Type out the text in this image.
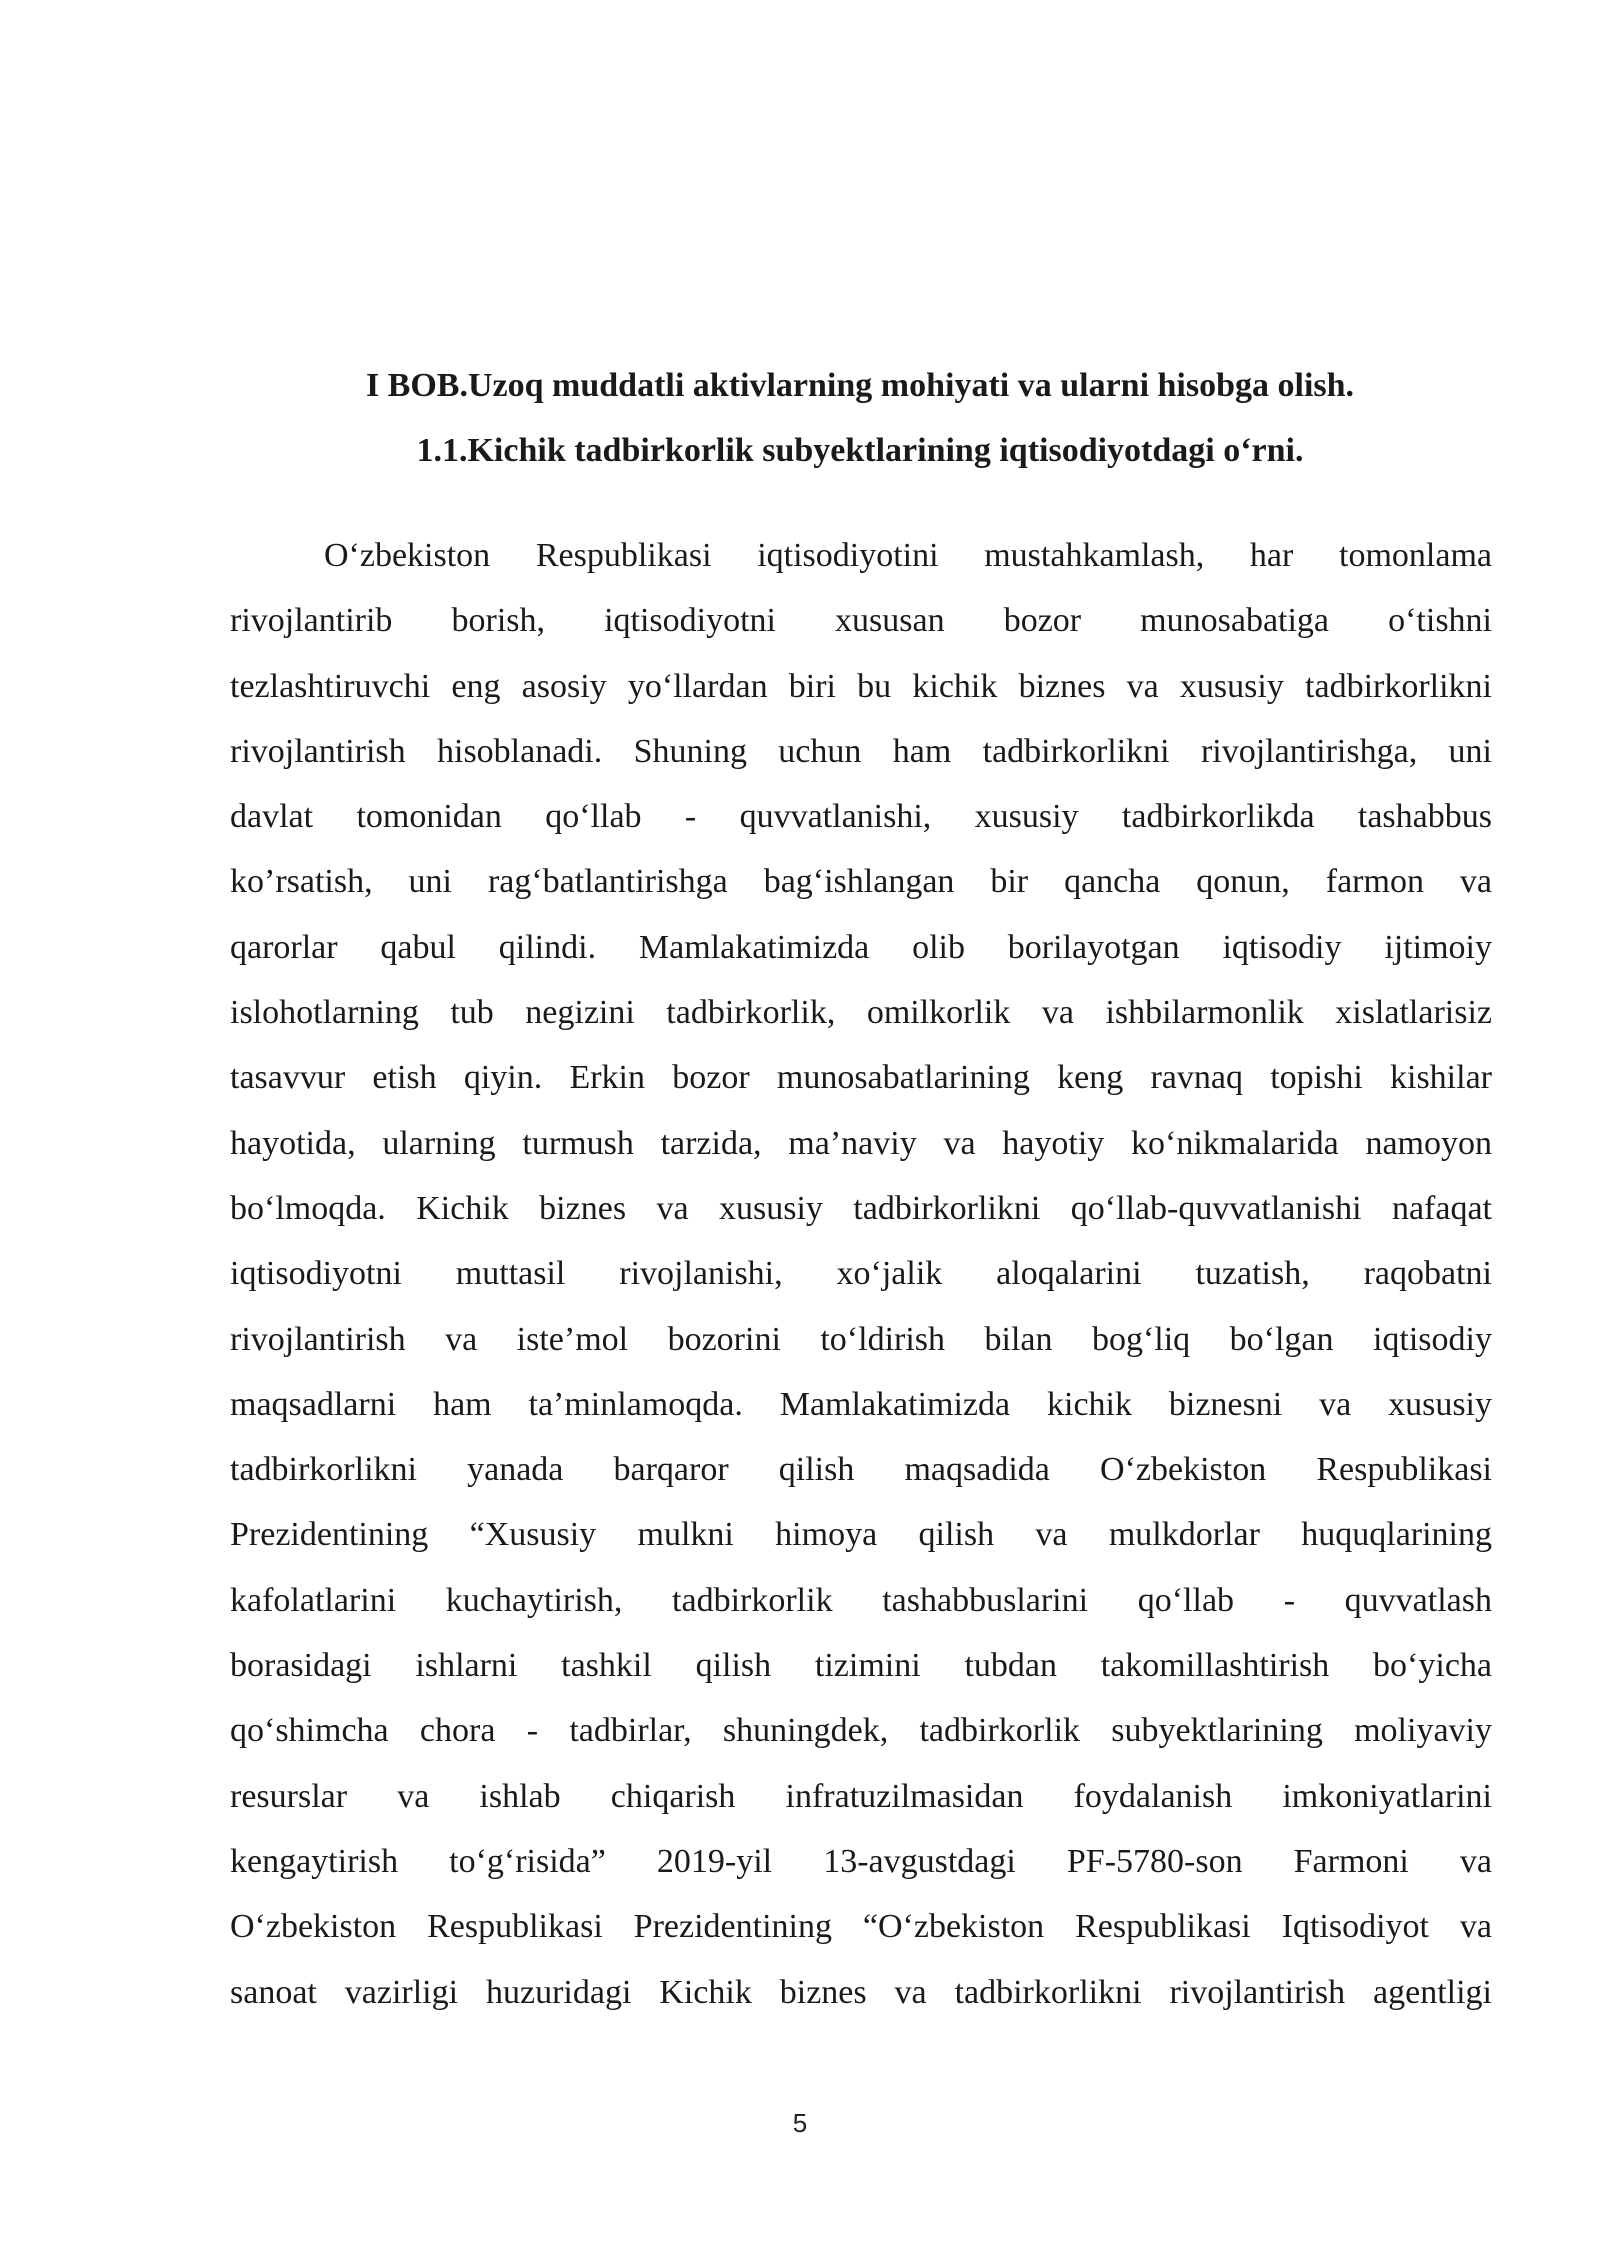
I BOB.Uzoq muddatli aktivlarning mohiyati va ularni hisobga olish.
1.1.Kichik tadbirkorlik subyektlarining iqtisodiyotdagi o‘rni.
O‘zbekiston Respublikasi iqtisodiyotini mustahkamlash, har tomonlama
rivojlantirib borish, iqtisodiyotni xususan bozor munosabatiga o‘tishni
tezlashtiruvchi eng asosiy yo‘llardan biri bu kichik biznes va xususiy tadbirkorlikni
rivojlantirish hisoblanadi. Shuning uchun ham tadbirkorlikni rivojlantirishga, uni
davlat tomonidan qo‘llab - quvvatlanishi, xususiy tadbirkorlikda tashabbus
ko’rsatish, uni rag‘batlantirishga bag‘ishlangan bir qancha qonun, farmon va
qarorlar qabul qilindi. Mamlakatimizda olib borilayotgan iqtisodiy ijtimoiy
islohotlarning tub negizini tadbirkorlik, omilkorlik va ishbilarmonlik xislatlarisiz
tasavvur etish qiyin. Erkin bozor munosabatlarining keng ravnaq topishi kishilar
hayotida, ularning turmush tarzida, ma’naviy va hayotiy ko‘nikmalarida namoyon
bo‘lmoqda. Kichik biznes va xususiy tadbirkorlikni qo‘llab-quvvatlanishi nafaqat
iqtisodiyotni muttasil rivojlanishi, xo‘jalik aloqalarini tuzatish, raqobatni
rivojlantirish va iste’mol bozorini to‘ldirish bilan bog‘liq bo‘lgan iqtisodiy
maqsadlarni ham ta’minlamoqda. Mamlakatimizda kichik biznesni va xususiy
tadbirkorlikni yanada barqaror qilish maqsadida O‘zbekiston Respublikasi
Prezidentining “Xususiy mulkni himoya qilish va mulkdorlar huquqlarining
kafolatlarini kuchaytirish, tadbirkorlik tashabbuslarini qo‘llab - quvvatlash
borasidagi ishlarni tashkil qilish tizimini tubdan takomillashtirish bo‘yicha
qo‘shimcha chora - tadbirlar, shuningdek, tadbirkorlik subyektlarining moliyaviy
resurslar va ishlab chiqarish infratuzilmasidan foydalanish imkoniyatlarini
kengaytirish to‘g‘risida” 2019-yil 13-avgustdagi PF-5780-son Farmoni va
O‘zbekiston Respublikasi Prezidentining “O‘zbekiston Respublikasi Iqtisodiyot va
sanoat vazirligi huzuridagi Kichik biznes va tadbirkorlikni rivojlantirish agentligi
5
